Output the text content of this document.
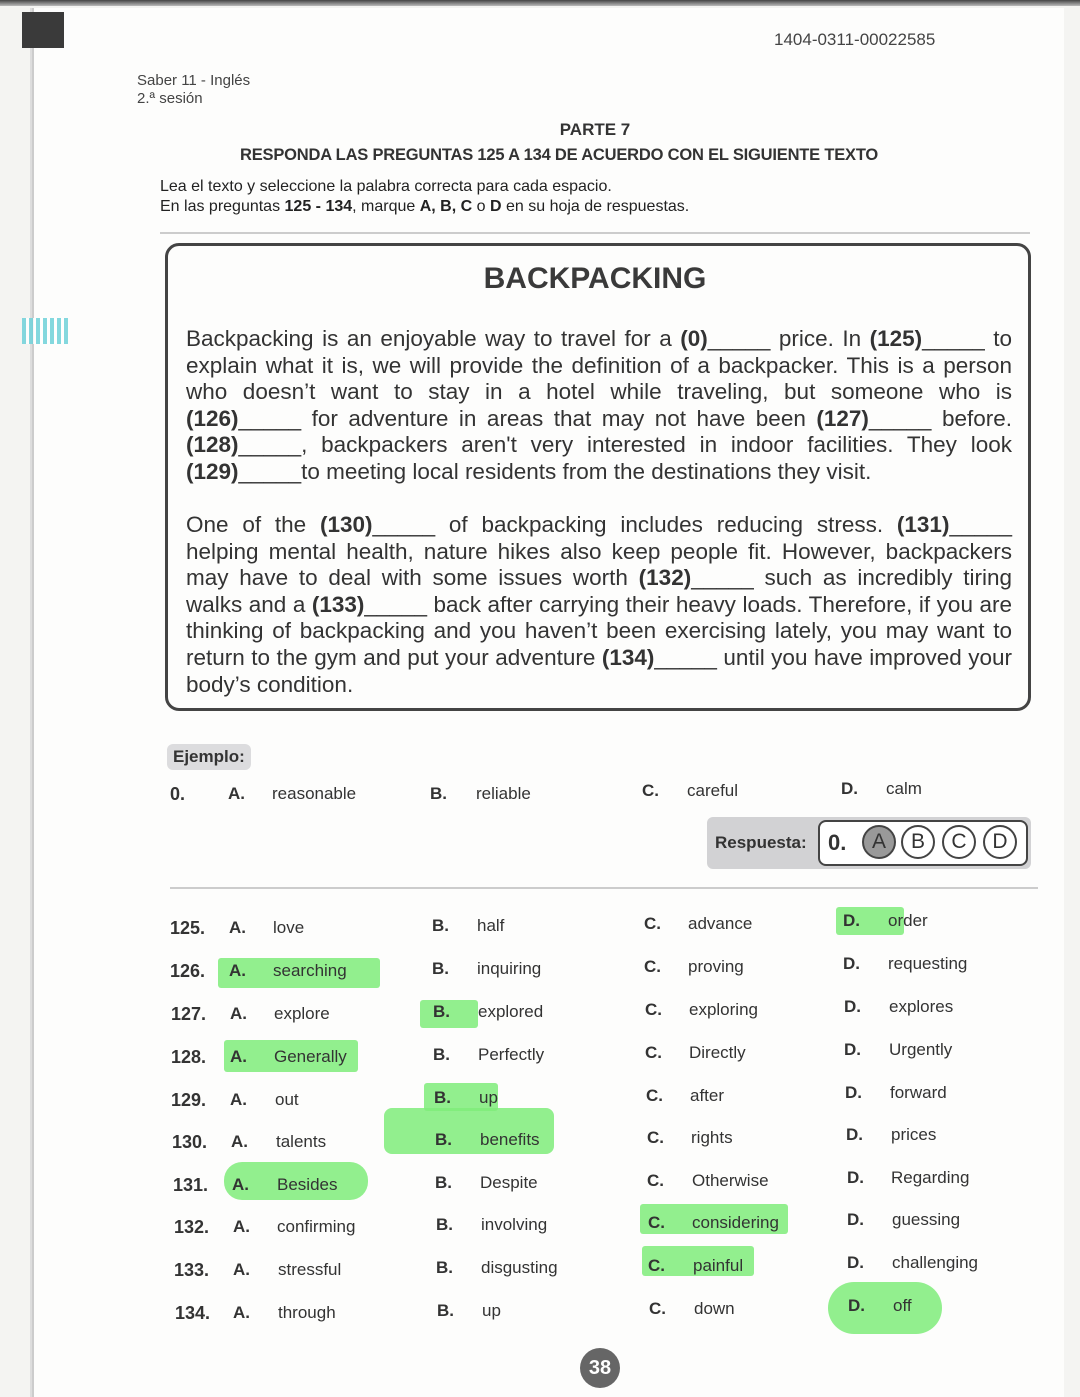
1404-0311-00022585
Saber 11 - Inglés
2.ª sesión
PARTE 7
RESPONDA LAS PREGUNTAS 125 A 134 DE ACUERDO CON EL SIGUIENTE TEXTO
Lea el texto y seleccione la palabra correcta para cada espacio.
En las preguntas 125 - 134, marque A, B, C o D en su hoja de respuestas.
BACKPACKING
Backpacking is an enjoyable way to travel for a (0)_____ price. In (125)_____ to explain what it is, we will provide the definition of a backpacker. This is a person who doesn’t want to stay in a hotel while traveling, but someone who is (126)_____ for adventure in areas that may not have been (127)_____ before. (128)_____, backpackers aren't very interested in indoor facilities. They look (129)_____to meeting local residents from the destinations they visit.
One of the (130)_____ of backpacking includes reducing stress. (131)_____ helping mental health, nature hikes also keep people fit. However, backpackers may have to deal with some issues worth (132)_____ such as incredibly tiring walks and a (133)_____ back after carrying their heavy loads. Therefore, if you are thinking of backpacking and you haven’t been exercising lately, you may want to return to the gym and put your adventure (134)_____ until you have improved your body’s condition.
Ejemplo:
0.	A. reasonable	B. reliable	C. careful	D. calm
Respuesta: 0.	A	B	C	D
125. A. love	B. half	C. advance	D. order
126. A. searching	B. inquiring	C. proving	D. requesting
127. A. explore	B. explored	C. exploring	D. explores
128. A. Generally	B. Perfectly	C. Directly	D. Urgently
129. A. out	B. up	C. after	D. forward
130. A. talents	B. benefits	C. rights	D. prices
131. A. Besides	B. Despite	C. Otherwise	D. Regarding
132. A. confirming	B. involving	C. considering	D. guessing
133. A. stressful	B. disgusting	C. painful	D. challenging
134. A. through	B. up	C. down	D. off
38
